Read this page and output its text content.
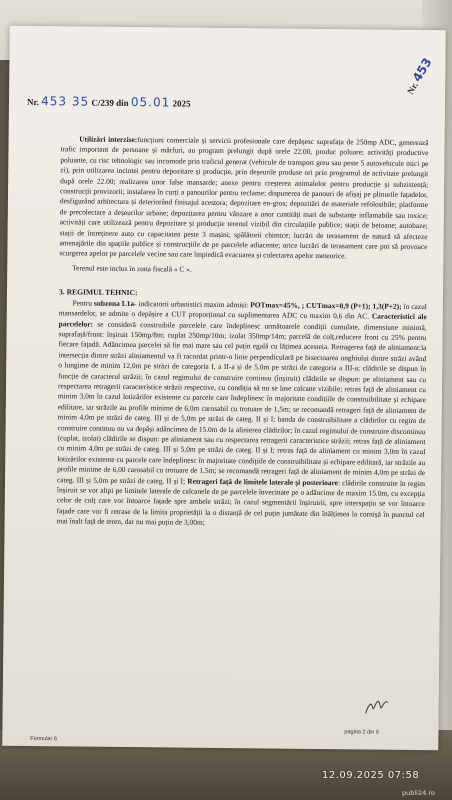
Nr. 453
Nr. 453 35 C/239 din 05.01 2025

Utilizări interzise:funcțiuni comerciale și servicii profesionale care depășesc suprafața de 250mp ADC, generează trafic important de persoane și mărfuri, au program prelungit după orele 22.00, produc poluare; activități productive poluante, cu risc tehnologic sau incomode prin traficul generat (vehicule de transport greu sau peste 5 autovehicule mici pe zi), prin utilizarea incintei pentru depozitare și producție, prin deșeurile produse ori prin programul de activitate prelungit după orele 22.00; realizarea unor false mansarde; anexe pentru creșterea animalelor pentru producție și subzistență; construcții provizorii; instalarea în curți a panourilor pentru reclame; dispunerea de panouri de afișaj pe plinurile fațadelor, desfigurând arhitectura și deteriorând finisajul acestora; depozitare en-gros; depozitări de materiale refolosibile; platforme de precolectare a deșeurilor urbane; depozitarea pentru vânzare a unor cantități mari de substanțe inflamabile sau toxice; activități care utilizează pentru depozitare și producție terenul vizibil din circulațiile publice; stații de betoane; autobaze; stații de întreținere auto cu capacitatea peste 3 mașini; spălătorii chimice; lucrări de terasament de natură să afecteze amenajările din spațiile publice și construcțiile de pe parcelele adiacente; orice lucrări de terasament care pot să provoace scurgerea apelor pe parcelele vecine sau care împiedică evacuarea și colectarea apelor meteorice.

Terenul este inclus în zona fiscală « C ».

3. REGIMUL TEHNIC:

Pentru subzona L1a- indicatorii urbanistici maxim admiși: POTmax=45%, ; CUTmax=0,9 (P+1); 1,3(P+2); în cazul mansardelor, se admite o depășire a CUT proporțional cu suplimentarea ADC cu maxim 0,6 din AC. Caracteristici ale parcelelor: se consideră construibile parcelele care îndeplinesc următoarele condiții cumulate, dimensiune minimă, suprafață/front: înșiruit 150mp/8m; cuplat 250mp/10m; izolat 350mp/14m; parcelă de colț,reducere front cu 25% pentru fiecare fațadă. Adâncimea parcelei să fie mai mare sau cel puțin egală cu lățimea acesteia. Retragerea față de aliniament:la intersecția dintre străzi aliniamentul va fi racordat printr-o linie perpendiculară pe bisectoarea unghiului dintre străzi având o lungime de minim 12,0m pe străzi de categoria I, a II-a și de 5.0m pe străzi de categoria a III-a; clădirile se dispun în funcție de caracterul străzii; în cazul regimului de construire continuu (înșiruit) clădirile se dispun: pe aliniament sau cu respectarea retragerii caracteristice străzii respective, cu condiția să nu se lase calcane vizibile; retras față de aliniament cu minim 3,0m în cazul lotizărilor existente cu parcele care îndeplinesc în majoritate condițiile de construibilitate și echipare edilitare, iar străzile au profile minime de 6,0m carosabil cu trotuare de 1,5m; se recomandă retrageri față de aliniament de minim 4,0m pe străzi de categ. III și de 5,0m pe străzi de categ. II și I; banda de construibilitate a clădirilor cu regim de construire continuu nu va depăși adâncimea de 15.0m de la alinierea clădirilor; în cazul regimului de construire discontinuu (cuplat, izolat) clădirile se dispun: pe aliniament sau cu respectarea retragerii caracteristice străzii; retras față de aliniament cu minim 4,0m pe străzi de categ. III și 5,0m pe străzi de categ. II și I; retras față de aliniament cu minim 3,0m în cazul lotizărilor existente cu parcele care îndeplinesc în majoritate condițiile de construibilitate și echipare edilitară, iar străzile au profile minime de 6,00 carosabil cu trotuare de 1,5m; se recomandă retrageri față de aliniament de minim 4,0m pe străzi de categ. III și 5,0m pe străzi de categ. II și I; Retrageri față de limitele laterale și posterioare: clădirile construite în regim înșiruit se vor alipi pe limitele laterale de calcanele de pe parcelele învecinate pe o adâncime de maxim 15.0m, cu excepția celor de colț care vor întoarce fațade spre ambele străzi; în cazul segmentării înșiruirii, spre interspațiu se vor întoarce fațade care vor fi retrase de la limita proprietății la o distanță de cel puțin jumătate din înălțimea la cornișă în punctul cel mai înalt față de teren, dar nu mai puțin de 3,00m;

Formular 6
pagina 2 din 6
12.09.2025 07:58
publi24.ro
